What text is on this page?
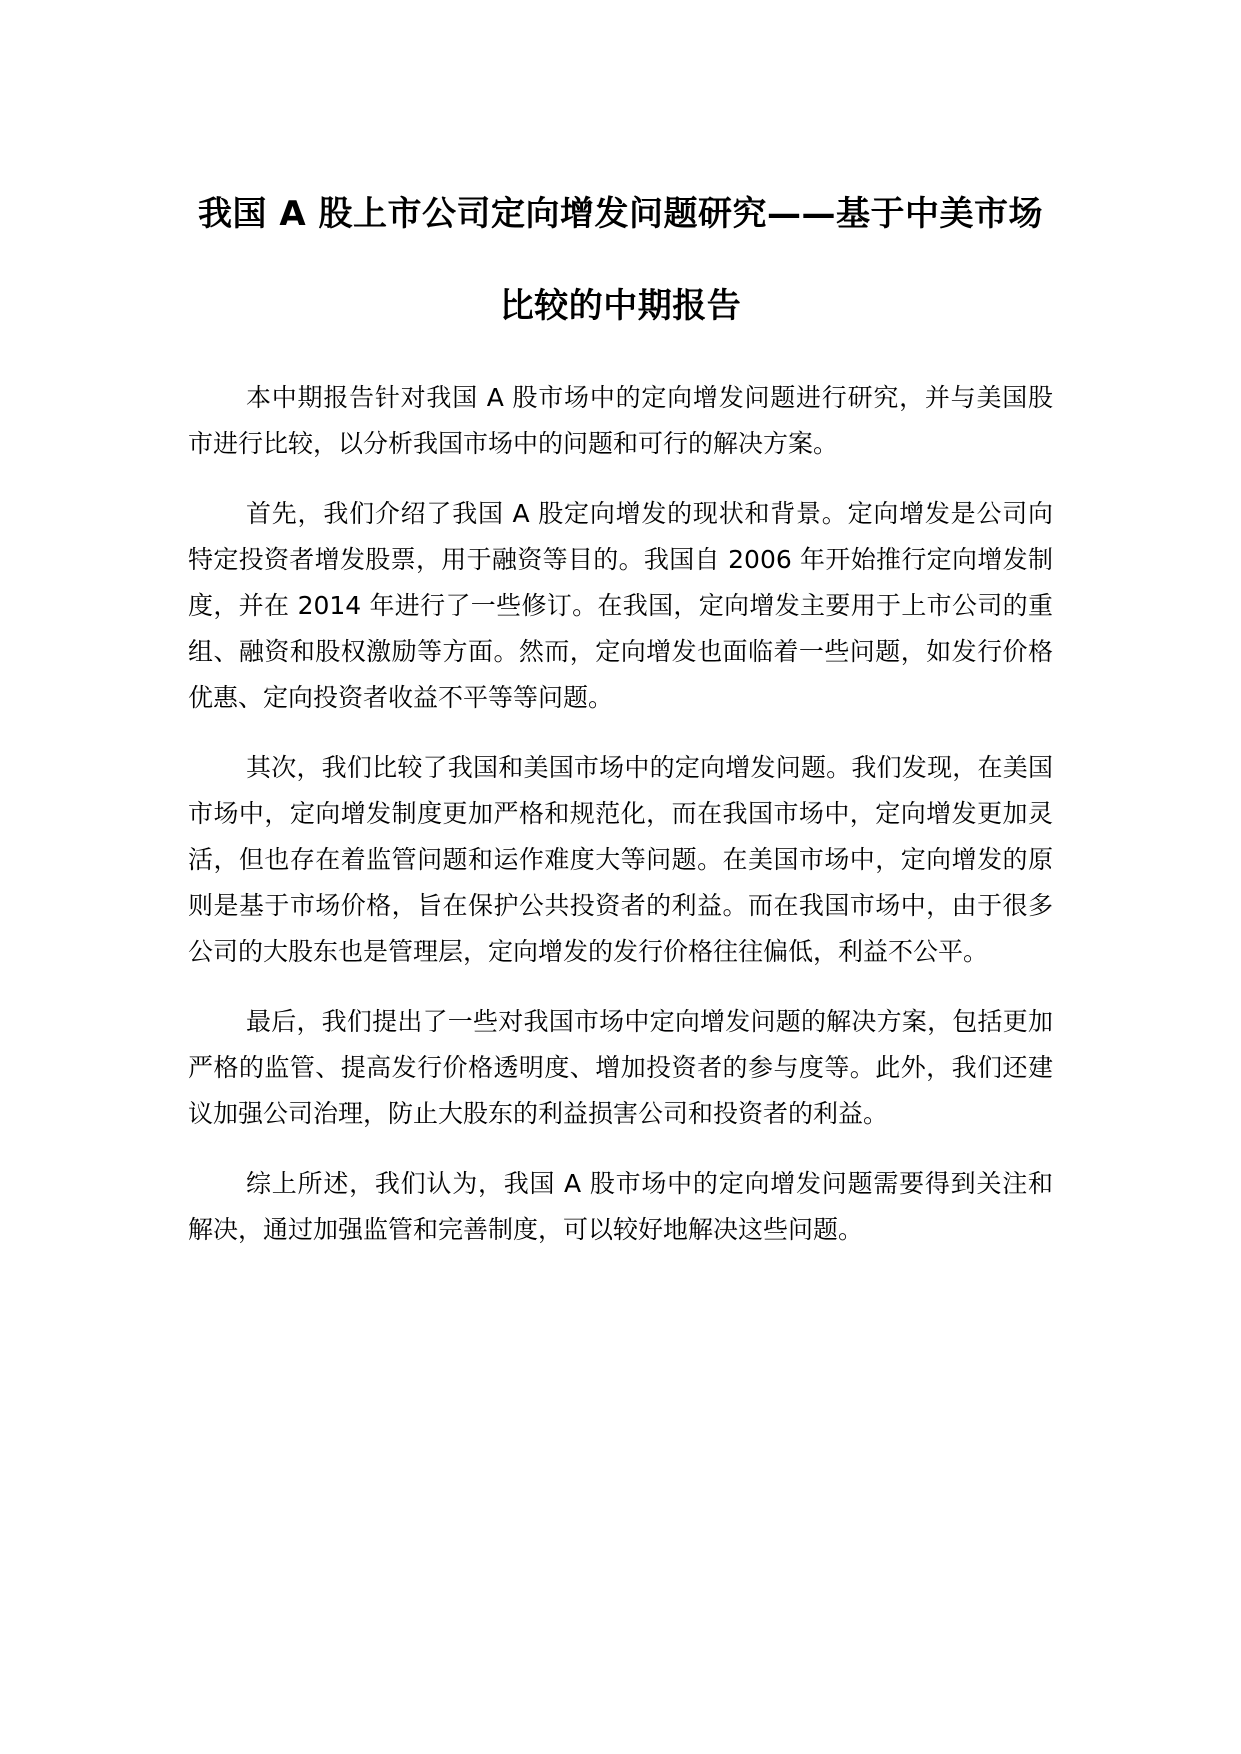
我国 A 股上市公司定向增发问题研究——基于中美市场比较的中期报告

本中期报告针对我国 A 股市场中的定向增发问题进行研究，并与美国股市进行比较，以分析我国市场中的问题和可行的解决方案。

首先，我们介绍了我国 A 股定向增发的现状和背景。定向增发是公司向特定投资者增发股票，用于融资等目的。我国自 2006 年开始推行定向增发制度，并在 2014 年进行了一些修订。在我国，定向增发主要用于上市公司的重组、融资和股权激励等方面。然而，定向增发也面临着一些问题，如发行价格优惠、定向投资者收益不平等等问题。

其次，我们比较了我国和美国市场中的定向增发问题。我们发现，在美国市场中，定向增发制度更加严格和规范化，而在我国市场中，定向增发更加灵活，但也存在着监管问题和运作难度大等问题。在美国市场中，定向增发的原则是基于市场价格，旨在保护公共投资者的利益。而在我国市场中，由于很多公司的大股东也是管理层，定向增发的发行价格往往偏低，利益不公平。

最后，我们提出了一些对我国市场中定向增发问题的解决方案，包括更加严格的监管、提高发行价格透明度、增加投资者的参与度等。此外，我们还建议加强公司治理，防止大股东的利益损害公司和投资者的利益。

综上所述，我们认为，我国 A 股市场中的定向增发问题需要得到关注和解决，通过加强监管和完善制度，可以较好地解决这些问题。
